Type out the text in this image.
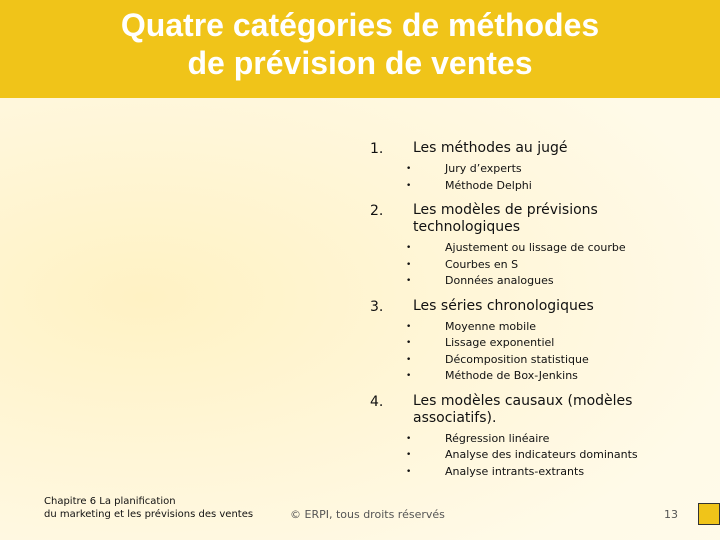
Quatre catégories de méthodes
de prévision de ventes
1. Les méthodes au jugé
•	Jury d’experts
•	Méthode Delphi
2. Les modèles de prévisions technologiques
•	Ajustement ou lissage de courbe
•	Courbes en S
•	Données analogues
3. Les séries chronologiques
•	Moyenne mobile
•	Lissage exponentiel
•	Décomposition statistique
•	Méthode de Box-Jenkins
4. Les modèles causaux (modèles associatifs).
•	Régression linéaire
•	Analyse des indicateurs dominants
•	Analyse intrants-extrants
Chapitre 6 La planification
du marketing et les prévisions des ventes	© ERPI, tous droits réservés	13
